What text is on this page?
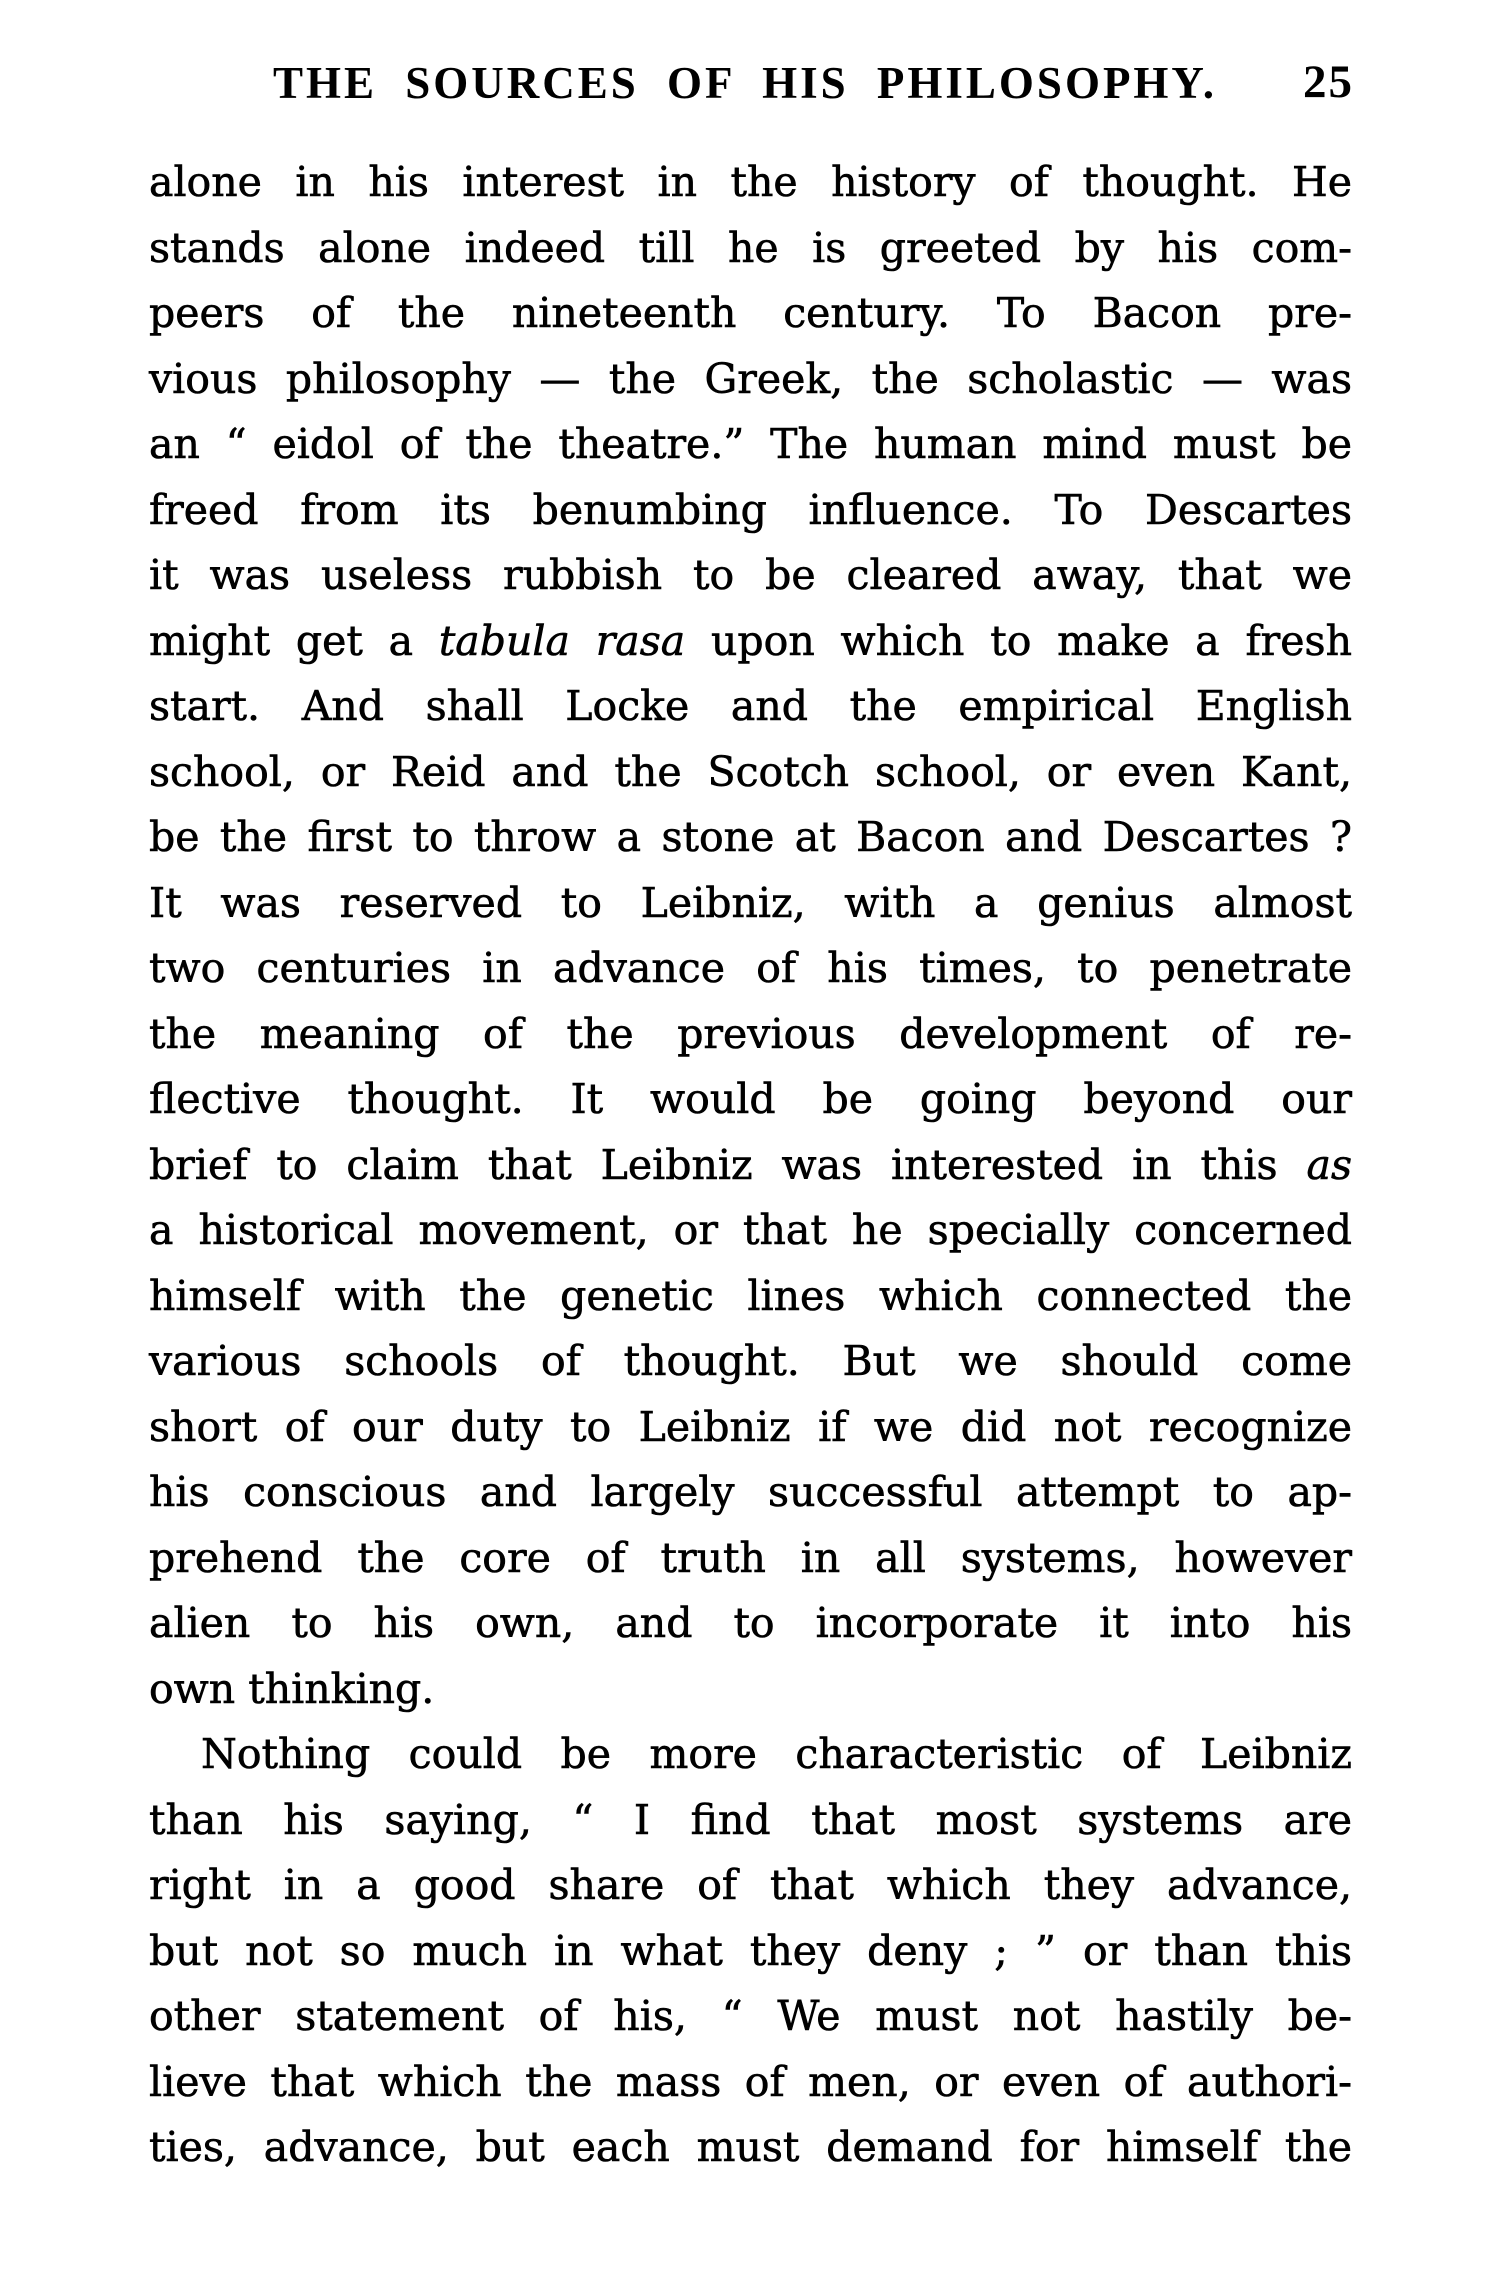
THE SOURCES OF HIS PHILOSOPHY.	25
alone in his interest in the history of thought. He
stands alone indeed till he is greeted by his com-
peers of the nineteenth century. To Bacon pre-
vious philosophy — the Greek, the scholastic — was
an “ eidol of the theatre.” The human mind must be
freed from its benumbing influence. To Descartes
it was useless rubbish to be cleared away, that we
might get a tabula rasa upon which to make a fresh
start. And shall Locke and the empirical English
school, or Reid and the Scotch school, or even Kant,
be the first to throw a stone at Bacon and Descartes ?
It was reserved to Leibniz, with a genius almost
two centuries in advance of his times, to penetrate
the meaning of the previous development of re-
flective thought. It would be going beyond our
brief to claim that Leibniz was interested in this as
a historical movement, or that he specially concerned
himself with the genetic lines which connected the
various schools of thought. But we should come
short of our duty to Leibniz if we did not recognize
his conscious and largely successful attempt to ap-
prehend the core of truth in all systems, however
alien to his own, and to incorporate it into his
own thinking.
Nothing could be more characteristic of Leibniz
than his saying, “ I find that most systems are
right in a good share of that which they advance,
but not so much in what they deny ; ” or than this
other statement of his, “ We must not hastily be-
lieve that which the mass of men, or even of authori-
ties, advance, but each must demand for himself the
